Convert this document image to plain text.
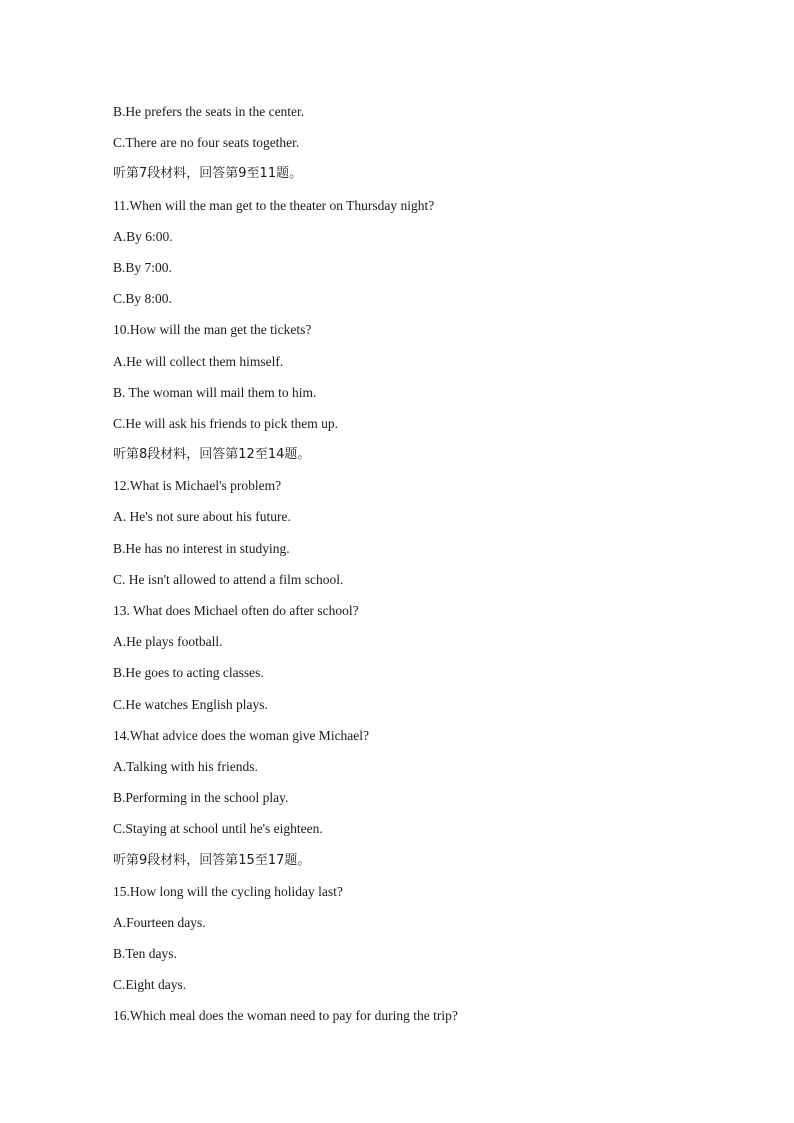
B.He prefers the seats in the center.
C.There are no four seats together.
听第7段材料，回答第9至11题。
11.When will the man get to the theater on Thursday night?
A.By 6:00.
B.By 7:00.
C.By 8:00.
10.How will the man get the tickets?
A.He will collect them himself.
B. The woman will mail them to him.
C.He will ask his friends to pick them up.
听第8段材料，回答第12至14题。
12.What is Michael's problem?
A. He's not sure about his future.
B.He has no interest in studying.
C. He isn't allowed to attend a film school.
13. What does Michael often do after school?
A.He plays football.
B.He goes to acting classes.
C.He watches English plays.
14.What advice does the woman give Michael?
A.Talking with his friends.
B.Performing in the school play.
C.Staying at school until he's eighteen.
听第9段材料，回答第15至17题。
15.How long will the cycling holiday last?
A.Fourteen days.
B.Ten days.
C.Eight days.
16.Which meal does the woman need to pay for during the trip?
